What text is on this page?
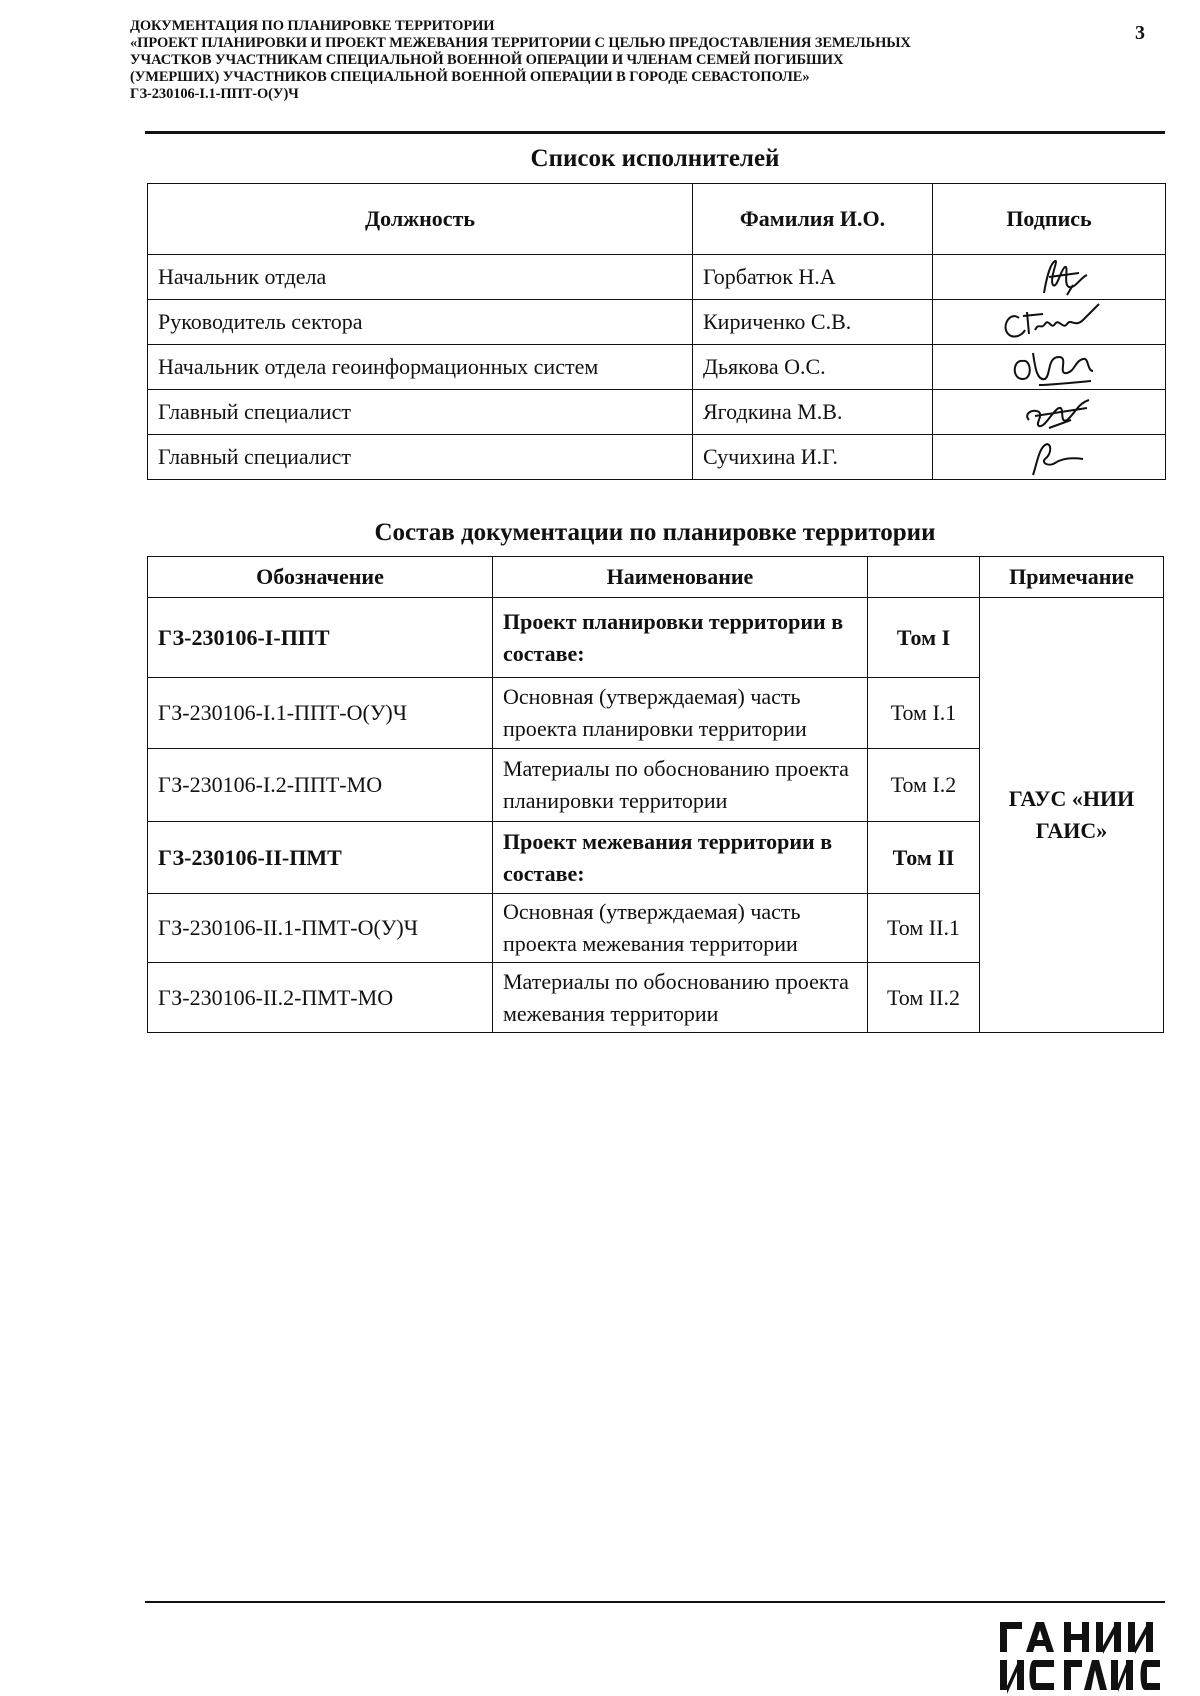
ДОКУМЕНТАЦИЯ ПО ПЛАНИРОВКЕ ТЕРРИТОРИИ
«ПРОЕКТ ПЛАНИРОВКИ И ПРОЕКТ МЕЖЕВАНИЯ ТЕРРИТОРИИ С ЦЕЛЬЮ ПРЕДОСТАВЛЕНИЯ ЗЕМЕЛЬНЫХ
УЧАСТКОВ УЧАСТНИКАМ СПЕЦИАЛЬНОЙ ВОЕННОЙ ОПЕРАЦИИ И ЧЛЕНАМ СЕМЕЙ ПОГИБШИХ
(УМЕРШИХ) УЧАСТНИКОВ СПЕЦИАЛЬНОЙ ВОЕННОЙ ОПЕРАЦИИ В ГОРОДЕ СЕВАСТОПОЛЕ»
ГЗ-230106-I.1-ППТ-О(У)Ч
3
Список исполнителей
Должность	Фамилия И.О.	Подпись
Начальник отдела	Горбатюк Н.А	

Руководитель сектора	Кириченко С.В.	

Начальник отдела геоинформационных систем	Дьякова О.С.	

Главный специалист	Ягодкина М.В.	

Главный специалист	Сучихина И.Г.	
Состав документации по планировке территории
Обозначение	Наименование		Примечание
ГЗ-230106-I-ППТ	Проект планировки территории в составе:	Том I	ГАУС «НИИ ГАИС»
ГЗ-230106-I.1-ППТ-О(У)Ч	Основная (утверждаемая) часть проекта планировки территории	Том I.1	
ГЗ-230106-I.2-ППТ-МО	Материалы по обоснованию проекта планировки территории	Том I.2	
ГЗ-230106-II-ПМТ	Проект межевания территории в составе:	Том II	
ГЗ-230106-II.1-ПМТ-О(У)Ч	Основная (утверждаемая) часть проекта межевания территории	Том II.1	
ГЗ-230106-II.2-ПМТ-МО	Материалы по обоснованию проекта межевания территории	Том II.2	
